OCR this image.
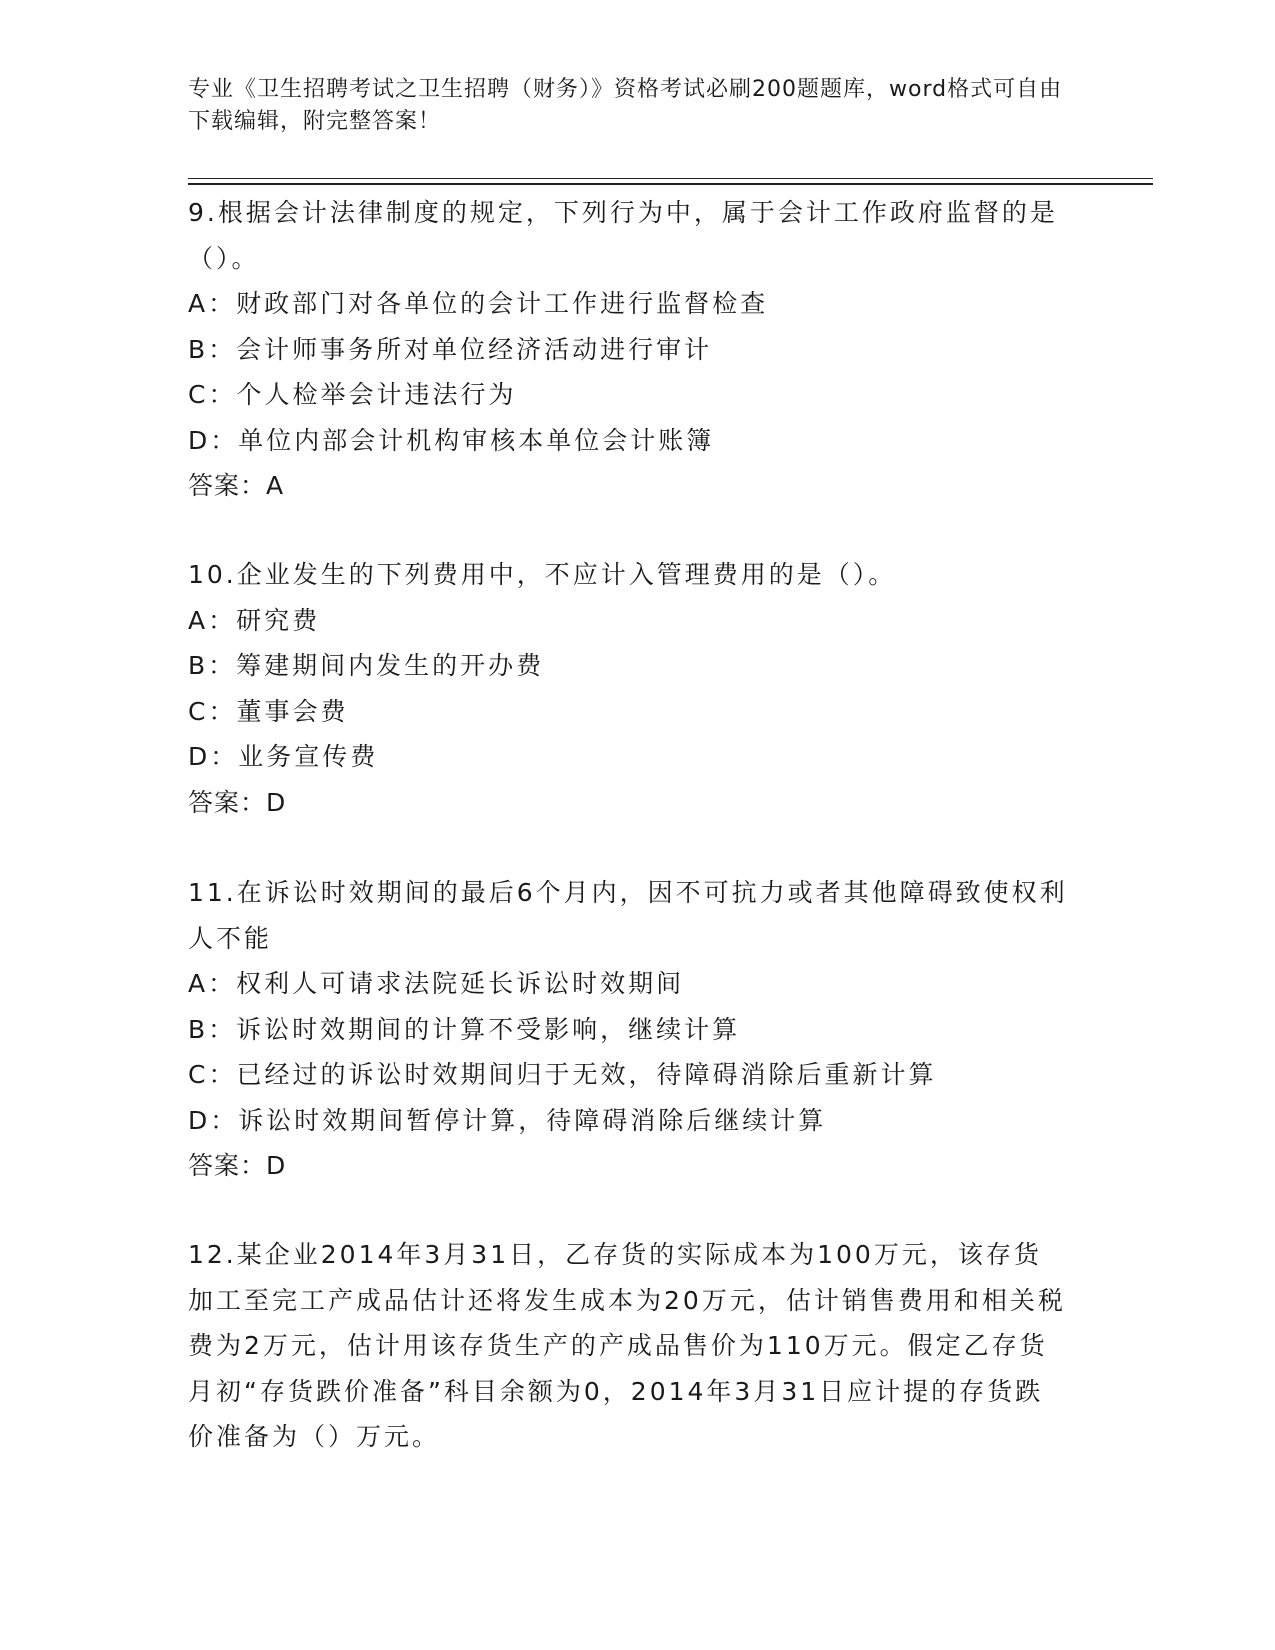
专业《卫生招聘考试之卫生招聘（财务）》资格考试必刷200题题库，word格式可自由下载编辑，附完整答案！

9.根据会计法律制度的规定，下列行为中，属于会计工作政府监督的是（）。

A：财政部门对各单位的会计工作进行监督检查
B：会计师事务所对单位经济活动进行审计
C：个人检举会计违法行为
D：单位内部会计机构审核本单位会计账簿
答案：A

10.企业发生的下列费用中，不应计入管理费用的是（）。

A：研究费
B：筹建期间内发生的开办费
C：董事会费
D：业务宣传费
答案：D

11.在诉讼时效期间的最后6个月内，因不可抗力或者其他障碍致使权利人不能

A：权利人可请求法院延长诉讼时效期间
B：诉讼时效期间的计算不受影响，继续计算
C：已经过的诉讼时效期间归于无效，待障碍消除后重新计算
D：诉讼时效期间暂停计算，待障碍消除后继续计算
答案：D

12.某企业2014年3月31日，乙存货的实际成本为100万元，该存货加工至完工产成品估计还将发生成本为20万元，估计销售费用和相关税费为2万元，估计用该存货生产的产成品售价为110万元。假定乙存货月初“存货跌价准备”科目余额为0，2014年3月31日应计提的存货跌价准备为（）万元。
